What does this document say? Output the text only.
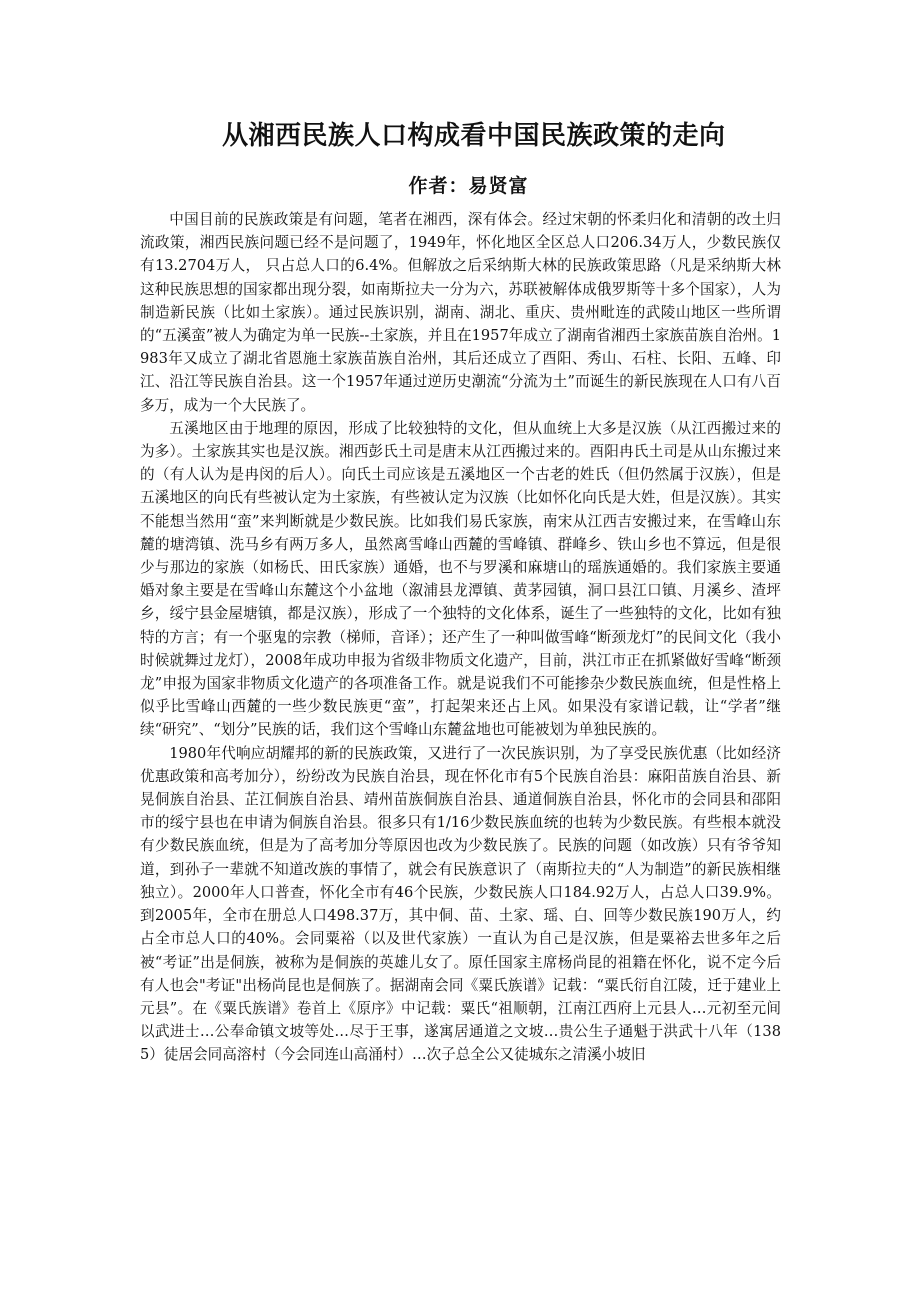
从湘西民族人口构成看中国民族政策的走向
作者：易贤富

中国目前的民族政策是有问题，笔者在湘西，深有体会。经过宋朝的怀柔归化和清朝的改土归流政策，湘西民族问题已经不是问题了，1949年，怀化地区全区总人口206.34万人，少数民族仅有13.2704万人， 只占总人口的6.4%。但解放之后采纳斯大林的民族政策思路（凡是采纳斯大林这种民族思想的国家都出现分裂，如南斯拉夫一分为六，苏联被解体成俄罗斯等十多个国家），人为制造新民族（比如土家族）。通过民族识别，湖南、湖北、重庆、贵州毗连的武陵山地区一些所谓的“五溪蛮”被人为确定为单一民族--土家族，并且在1957年成立了湖南省湘西土家族苗族自治州。1983年又成立了湖北省恩施土家族苗族自治州，其后还成立了酉阳、秀山、石柱、长阳、五峰、印江、沿江等民族自治县。这一个1957年通过逆历史潮流“分流为土”而诞生的新民族现在人口有八百多万，成为一个大民族了。

五溪地区由于地理的原因，形成了比较独特的文化，但从血统上大多是汉族（从江西搬过来的为多）。土家族其实也是汉族。湘西彭氏土司是唐末从江西搬过来的。酉阳冉氏土司是从山东搬过来的（有人认为是冉闵的后人）。向氏土司应该是五溪地区一个古老的姓氏（但仍然属于汉族），但是五溪地区的向氏有些被认定为土家族，有些被认定为汉族（比如怀化向氏是大姓，但是汉族）。其实不能想当然用“蛮”来判断就是少数民族。比如我们易氏家族，南宋从江西吉安搬过来，在雪峰山东麓的塘湾镇、洗马乡有两万多人，虽然离雪峰山西麓的雪峰镇、群峰乡、铁山乡也不算远，但是很少与那边的家族（如杨氏、田氏家族）通婚，也不与罗溪和麻塘山的瑶族通婚的。我们家族主要通婚对象主要是在雪峰山东麓这个小盆地（溆浦县龙潭镇、黄茅园镇，洞口县江口镇、月溪乡、渣坪乡，绥宁县金屋塘镇，都是汉族），形成了一个独特的文化体系，诞生了一些独特的文化，比如有独特的方言；有一个驱鬼的宗教（梯师，音译）；还产生了一种叫做雪峰“断颈龙灯”的民间文化（我小时候就舞过龙灯），2008年成功申报为省级非物质文化遗产，目前，洪江市正在抓紧做好雪峰“断颈龙”申报为国家非物质文化遗产的各项准备工作。就是说我们不可能掺杂少数民族血统，但是性格上似乎比雪峰山西麓的一些少数民族更“蛮”，打起架来还占上风。如果没有家谱记载，让“学者”继续“研究”、“划分”民族的话，我们这个雪峰山东麓盆地也可能被划为单独民族的。

1980年代响应胡耀邦的新的民族政策，又进行了一次民族识别，为了享受民族优惠（比如经济优惠政策和高考加分），纷纷改为民族自治县，现在怀化市有5个民族自治县：麻阳苗族自治县、新晃侗族自治县、芷江侗族自治县、靖州苗族侗族自治县、通道侗族自治县，怀化市的会同县和邵阳市的绥宁县也在申请为侗族自治县。很多只有1/16少数民族血统的也转为少数民族。有些根本就没有少数民族血统，但是为了高考加分等原因也改为少数民族了。民族的问题（如改族）只有爷爷知道，到孙子一辈就不知道改族的事情了，就会有民族意识了（南斯拉夫的“人为制造”的新民族相继独立）。2000年人口普查，怀化全市有46个民族，少数民族人口184.92万人，占总人口39.9%。到2005年，全市在册总人口498.37万，其中侗、苗、土家、瑶、白、回等少数民族190万人，约占全市总人口的40%。会同粟裕（以及世代家族）一直认为自己是汉族，但是粟裕去世多年之后被“考证”出是侗族，被称为是侗族的英雄儿女了。原任国家主席杨尚昆的祖籍在怀化，说不定今后有人也会"考证"出杨尚昆也是侗族了。据湖南会同《粟氏族谱》记载：“粟氏衍自江陵，迁于建业上元县”。在《粟氏族谱》卷首上《原序》中记载：粟氏“祖顺朝，江南江西府上元县人…元初至元间以武进士…公奉命镇文坡等处…尽于王事，遂寓居通道之文坡…贵公生子通魁于洪武十八年（1385）徒居会同高溶村（今会同连山高涌村）…次子总全公又徒城东之清溪小坡旧
